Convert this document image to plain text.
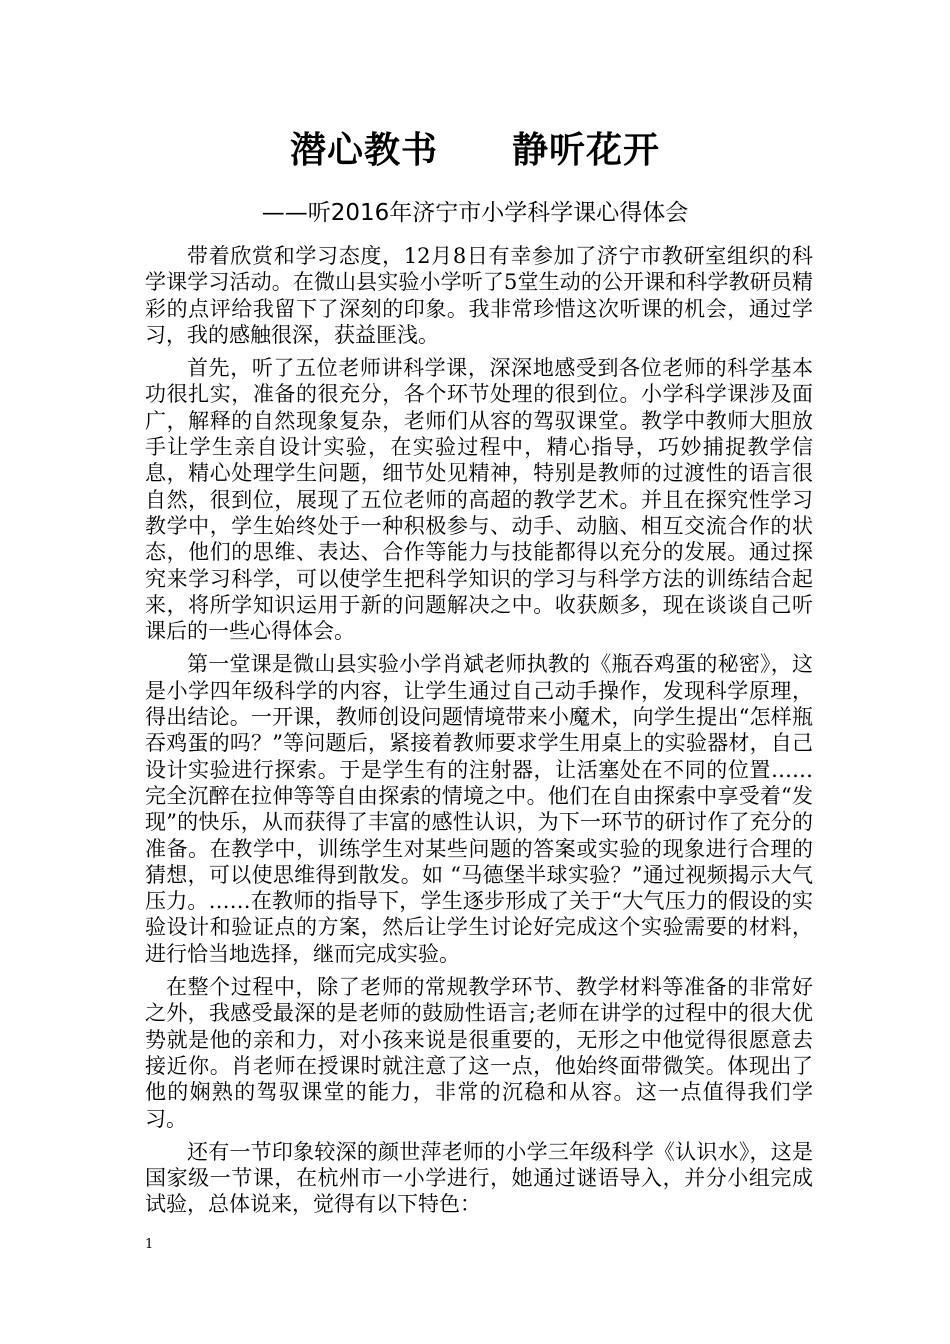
潜心教书　　静听花开
——听2016年济宁市小学科学课心得体会

带着欣赏和学习态度，12月8日有幸参加了济宁市教研室组织的科学课学习活动。在微山县实验小学听了5堂生动的公开课和科学教研员精彩的点评给我留下了深刻的印象。我非常珍惜这次听课的机会，通过学习，我的感触很深，获益匪浅。

首先，听了五位老师讲科学课，深深地感受到各位老师的科学基本功很扎实，准备的很充分，各个环节处理的很到位。小学科学课涉及面广，解释的自然现象复杂，老师们从容的驾驭课堂。教学中教师大胆放手让学生亲自设计实验，在实验过程中，精心指导，巧妙捕捉教学信息，精心处理学生问题，细节处见精神，特别是教师的过渡性的语言很自然，很到位，展现了五位老师的高超的教学艺术。并且在探究性学习教学中，学生始终处于一种积极参与、动手、动脑、相互交流合作的状态，他们的思维、表达、合作等能力与技能都得以充分的发展。通过探究来学习科学，可以使学生把科学知识的学习与科学方法的训练结合起来，将所学知识运用于新的问题解决之中。收获颇多，现在谈谈自己听课后的一些心得体会。

第一堂课是微山县实验小学肖斌老师执教的《瓶吞鸡蛋的秘密》，这是小学四年级科学的内容，让学生通过自己动手操作，发现科学原理，得出结论。一开课，教师创设问题情境带来小魔术，向学生提出“怎样瓶吞鸡蛋的吗？”等问题后，紧接着教师要求学生用桌上的实验器材，自己设计实验进行探索。于是学生有的注射器，让活塞处在不同的位置……完全沉醉在拉伸等等自由探索的情境之中。他们在自由探索中享受着“发现”的快乐，从而获得了丰富的感性认识，为下一环节的研讨作了充分的准备。在教学中，训练学生对某些问题的答案或实验的现象进行合理的猜想，可以使思维得到散发。如 “马德堡半球实验？”通过视频揭示大气压力。……在教师的指导下，学生逐步形成了关于“大气压力的假设的实验设计和验证点的方案，然后让学生讨论好完成这个实验需要的材料，进行恰当地选择，继而完成实验。

在整个过程中，除了老师的常规教学环节、教学材料等准备的非常好之外，我感受最深的是老师的鼓励性语言;老师在讲学的过程中的很大优势就是他的亲和力，对小孩来说是很重要的，无形之中他觉得很愿意去接近你。肖老师在授课时就注意了这一点，他始终面带微笑。体现出了他的娴熟的驾驭课堂的能力，非常的沉稳和从容。这一点值得我们学习。

还有一节印象较深的颜世萍老师的小学三年级科学《认识水》，这是国家级一节课，在杭州市一小学进行，她通过谜语导入，并分小组完成试验，总体说来，觉得有以下特色：

1
